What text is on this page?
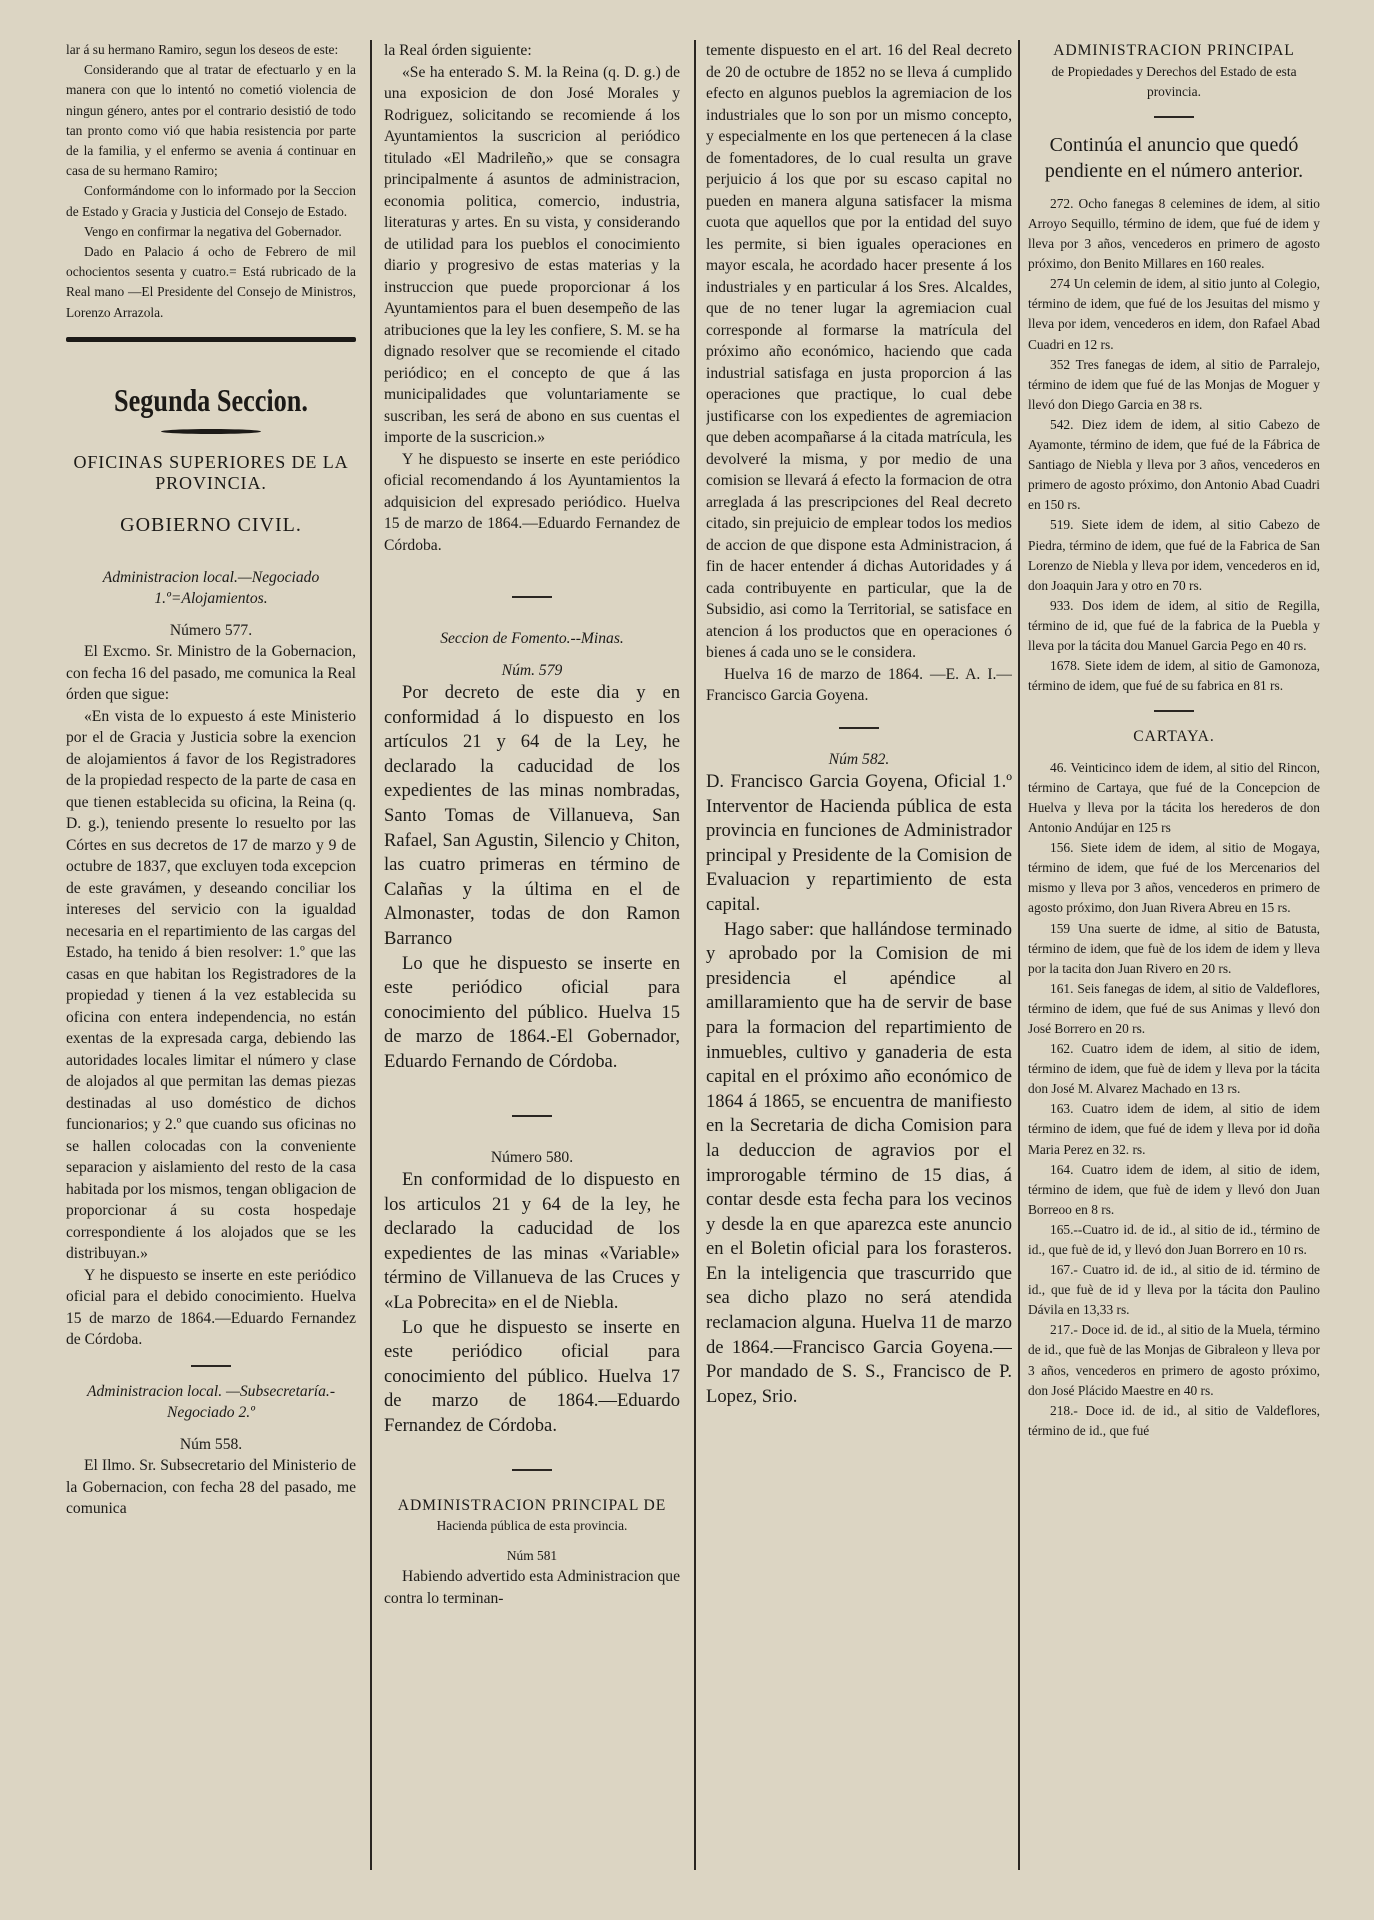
lar á su hermano Ramiro, segun los deseos de este:

Considerando que al tratar de efectuarlo y en la manera con que lo intentó no cometió violencia de ningun género, antes por el contrario desistió de todo tan pronto como vió que habia resistencia por parte de la familia, y el enfermo se avenia á continuar en casa de su hermano Ramiro;

Conformándome con lo informado por la Seccion de Estado y Gracia y Justicia del Consejo de Estado.

Vengo en confirmar la negativa del Gobernador.

Dado en Palacio á ocho de Febrero de mil ochocientos sesenta y cuatro.= Está rubricado de la Real mano —El Presidente del Consejo de Ministros, Lorenzo Arrazola.

Segunda Seccion.
OFICINAS SUPERIORES DE LA PROVINCIA.
GOBIERNO CIVIL.

Administracion local.—Negociado 1.º=Alojamientos.

Número 577.

El Excmo. Sr. Ministro de la Gobernacion, con fecha 16 del pasado, me comunica la Real órden que sigue:

«En vista de lo expuesto á este Ministerio por el de Gracia y Justicia sobre la exencion de alojamientos á favor de los Registradores de la propiedad respecto de la parte de casa en que tienen establecida su oficina, la Reina (q. D. g.), teniendo presente lo resuelto por las Córtes en sus decretos de 17 de marzo y 9 de octubre de 1837, que excluyen toda excepcion de este gravámen, y deseando conciliar los intereses del servicio con la igualdad necesaria en el repartimiento de las cargas del Estado, ha tenido á bien resolver: 1.º que las casas en que habitan los Registradores de la propiedad y tienen á la vez establecida su oficina con entera independencia, no están exentas de la expresada carga, debiendo las autoridades locales limitar el número y clase de alojados al que permitan las demas piezas destinadas al uso doméstico de dichos funcionarios; y 2.º que cuando sus oficinas no se hallen colocadas con la conveniente separacion y aislamiento del resto de la casa habitada por los mismos, tengan obligacion de proporcionar á su costa hospedaje correspondiente á los alojados que se les distribuyan.»

Y he dispuesto se inserte en este periódico oficial para el debido conocimiento. Huelva 15 de marzo de 1864.—Eduardo Fernandez de Córdoba.

Administracion local. —Subsecretaría.-Negociado 2.º

Núm 558.

El Ilmo. Sr. Subsecretario del Ministerio de la Gobernacion, con fecha 28 del pasado, me comunica

la Real órden siguiente:

«Se ha enterado S. M. la Reina (q. D. g.) de una exposicion de don José Morales y Rodriguez, solicitando se recomiende á los Ayuntamientos la suscricion al periódico titulado «El Madrileño,» que se consagra principalmente á asuntos de administracion, economia politica, comercio, industria, literaturas y artes. En su vista, y considerando de utilidad para los pueblos el conocimiento diario y progresivo de estas materias y la instruccion que puede proporcionar á los Ayuntamientos para el buen desempeño de las atribuciones que la ley les confiere, S. M. se ha dignado resolver que se recomiende el citado periódico; en el concepto de que á las municipalidades que voluntariamente se suscriban, les será de abono en sus cuentas el importe de la suscricion.»

Y he dispuesto se inserte en este periódico oficial recomendando á los Ayuntamientos la adquisicion del expresado periódico. Huelva 15 de marzo de 1864.—Eduardo Fernandez de Córdoba.

Seccion de Fomento.--Minas.

Núm. 579

Por decreto de este dia y en conformidad á lo dispuesto en los artículos 21 y 64 de la Ley, he declarado la caducidad de los expedientes de las minas nombradas, Santo Tomas de Villanueva, San Rafael, San Agustin, Silencio y Chiton, las cuatro primeras en término de Calañas y la última en el de Almonaster, todas de don Ramon Barranco

Lo que he dispuesto se inserte en este periódico oficial para conocimiento del público. Huelva 15 de marzo de 1864.-El Gobernador, Eduardo Fernando de Córdoba.

Número 580.

En conformidad de lo dispuesto en los articulos 21 y 64 de la ley, he declarado la caducidad de los expedientes de las minas «Variable» término de Villanueva de las Cruces y «La Pobrecita» en el de Niebla.

Lo que he dispuesto se inserte en este periódico oficial para conocimiento del público. Huelva 17 de marzo de 1864.—Eduardo Fernandez de Córdoba.

ADMINISTRACION PRINCIPAL DE

Hacienda pública de esta provincia.

Núm 581

Habiendo advertido esta Administracion que contra lo terminan-

temente dispuesto en el art. 16 del Real decreto de 20 de octubre de 1852 no se lleva á cumplido efecto en algunos pueblos la agremiacion de los industriales que lo son por un mismo concepto, y especialmente en los que pertenecen á la clase de fomentadores, de lo cual resulta un grave perjuicio á los que por su escaso capital no pueden en manera alguna satisfacer la misma cuota que aquellos que por la entidad del suyo les permite, si bien iguales operaciones en mayor escala, he acordado hacer presente á los industriales y en particular á los Sres. Alcaldes, que de no tener lugar la agremiacion cual corresponde al formarse la matrícula del próximo año económico, haciendo que cada industrial satisfaga en justa proporcion á las operaciones que practique, lo cual debe justificarse con los expedientes de agremiacion que deben acompañarse á la citada matrícula, les devolveré la misma, y por medio de una comision se llevará á efecto la formacion de otra arreglada á las prescripciones del Real decreto citado, sin prejuicio de emplear todos los medios de accion de que dispone esta Administracion, á fin de hacer entender á dichas Autoridades y á cada contribuyente en particular, que la de Subsidio, asi como la Territorial, se satisface en atencion á los productos que en operaciones ó bienes á cada uno se le considera.

Huelva 16 de marzo de 1864. —E. A. I.—Francisco Garcia Goyena.

Núm 582.

D. Francisco Garcia Goyena, Oficial 1.º Interventor de Hacienda pública de esta provincia en funciones de Administrador principal y Presidente de la Comision de Evaluacion y repartimiento de esta capital.

Hago saber: que hallándose terminado y aprobado por la Comision de mi presidencia el apéndice al amillaramiento que ha de servir de base para la formacion del repartimiento de inmuebles, cultivo y ganaderia de esta capital en el próximo año económico de 1864 á 1865, se encuentra de manifiesto en la Secretaria de dicha Comision para la deduccion de agravios por el improrogable término de 15 dias, á contar desde esta fecha para los vecinos y desde la en que aparezca este anuncio en el Boletin oficial para los forasteros. En la inteligencia que trascurrido que sea dicho plazo no será atendida reclamacion alguna. Huelva 11 de marzo de 1864.—Francisco Garcia Goyena.—Por mandado de S. S., Francisco de P. Lopez, Srio.

ADMINISTRACION PRINCIPAL

de Propiedades y Derechos del Estado de esta provincia.

Continúa el anuncio que quedó pendiente en el número anterior.

272. Ocho fanegas 8 celemines de idem, al sitio Arroyo Sequillo, término de idem, que fué de idem y lleva por 3 años, vencederos en primero de agosto próximo, don Benito Millares en 160 reales.

274 Un celemin de idem, al sitio junto al Colegio, término de idem, que fué de los Jesuitas del mismo y lleva por idem, vencederos en idem, don Rafael Abad Cuadri en 12 rs.

352 Tres fanegas de idem, al sitio de Parralejo, término de idem que fué de las Monjas de Moguer y llevó don Diego Garcia en 38 rs.

542. Diez idem de idem, al sitio Cabezo de Ayamonte, término de idem, que fué de la Fábrica de Santiago de Niebla y lleva por 3 años, vencederos en primero de agosto próximo, don Antonio Abad Cuadri en 150 rs.

519. Siete idem de idem, al sitio Cabezo de Piedra, término de idem, que fué de la Fabrica de San Lorenzo de Niebla y lleva por idem, vencederos en id, don Joaquin Jara y otro en 70 rs.

933. Dos idem de idem, al sitio de Regilla, término de id, que fué de la fabrica de la Puebla y lleva por la tácita dou Manuel Garcia Pego en 40 rs.

1678. Siete idem de idem, al sitio de Gamonoza, término de idem, que fué de su fabrica en 81 rs.

CARTAYA.

46. Veinticinco idem de idem, al sitio del Rincon, término de Cartaya, que fué de la Concepcion de Huelva y lleva por la tácita los herederos de don Antonio Andújar en 125 rs

156. Siete idem de idem, al sitio de Mogaya, término de idem, que fué de los Mercenarios del mismo y lleva por 3 años, vencederos en primero de agosto próximo, don Juan Rivera Abreu en 15 rs.

159 Una suerte de idme, al sitio de Batusta, término de idem, que fuè de los idem de idem y lleva por la tacita don Juan Rivero en 20 rs.

161. Seis fanegas de idem, al sitio de Valdeflores, término de idem, que fué de sus Animas y llevó don José Borrero en 20 rs.

162. Cuatro idem de idem, al sitio de idem, término de idem, que fuè de idem y lleva por la tácita don José M. Alvarez Machado en 13 rs.

163. Cuatro idem de idem, al sitio de idem término de idem, que fué de idem y lleva por id doña Maria Perez en 32. rs.

164. Cuatro idem de idem, al sitio de idem, término de idem, que fuè de idem y llevó don Juan Borreoo en 8 rs.

165.--Cuatro id. de id., al sitio de id., término de id., que fuè de id, y llevó don Juan Borrero en 10 rs.

167.- Cuatro id. de id., al sitio de id. término de id., que fuè de id y lleva por la tácita don Paulino Dávila en 13,33 rs.

217.- Doce id. de id., al sitio de la Muela, término de id., que fuè de las Monjas de Gibraleon y lleva por 3 años, vencederos en primero de agosto próximo, don José Plácido Maestre en 40 rs.

218.- Doce id. de id., al sitio de Valdeflores, término de id., que fué
